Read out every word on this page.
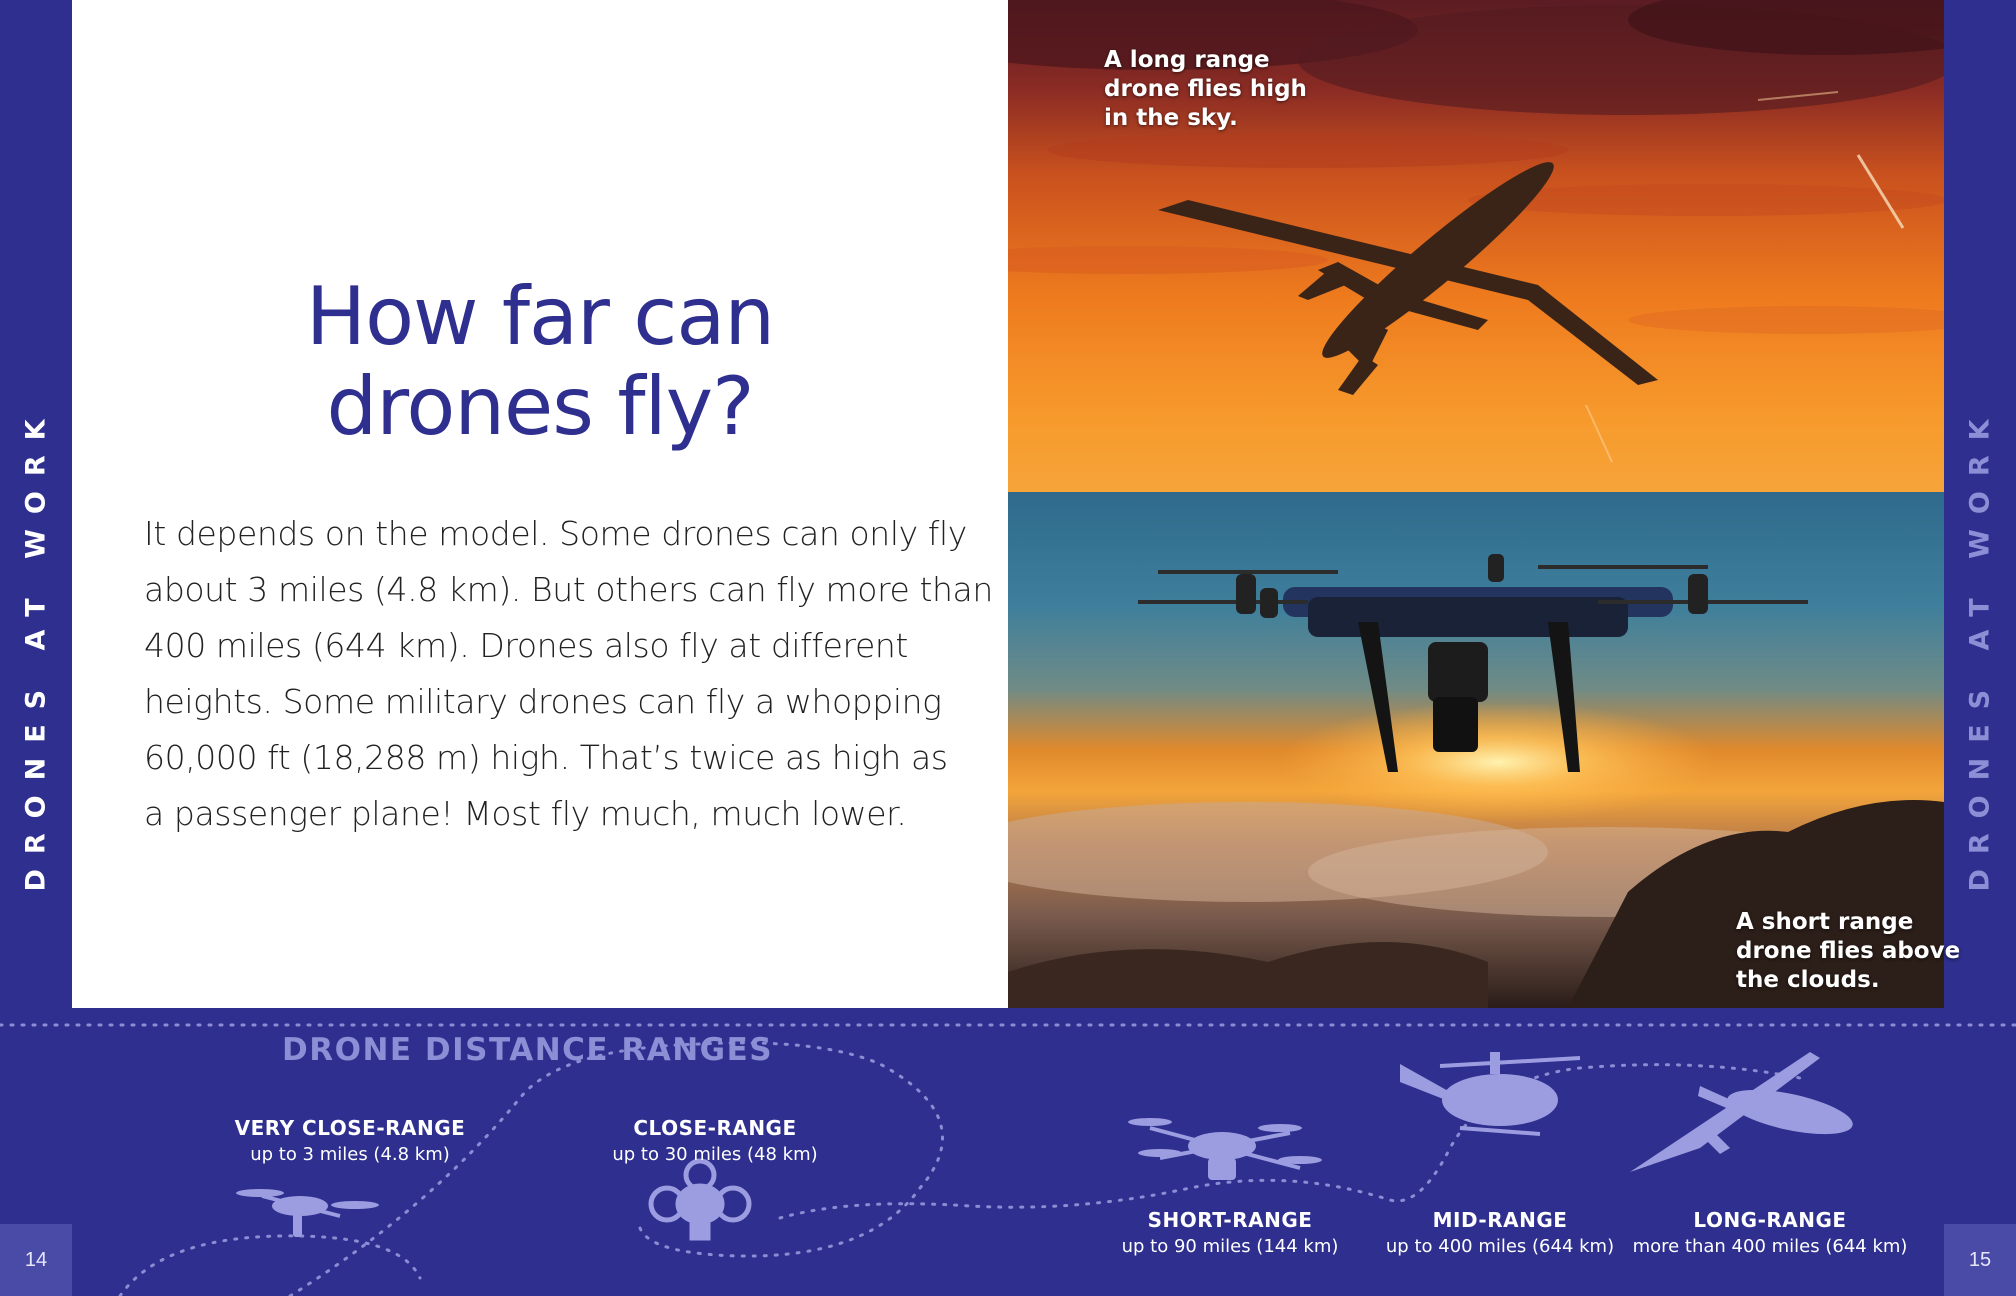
DRONES AT WORK	DRONES AT WORK
How far can
drones fly?
It depends on the model. Some drones can only fly
about 3 miles (4.8 km). But others can fly more than
400 miles (644 km). Drones also fly at different
heights. Some military drones can fly a whopping
60,000 ft (18,288 m) high. That’s twice as high as
a passenger plane! Most fly much, much lower.
A long range
drone flies high
in the sky.
A short range
drone flies above
the clouds.
DRONE DISTANCE RANGES
VERY CLOSE-RANGE
up to 3 miles (4.8 km)
CLOSE-RANGE
up to 30 miles (48 km)
SHORT-RANGE
up to 90 miles (144 km)
MID-RANGE
up to 400 miles (644 km)
LONG-RANGE
more than 400 miles (644 km)
14	15
